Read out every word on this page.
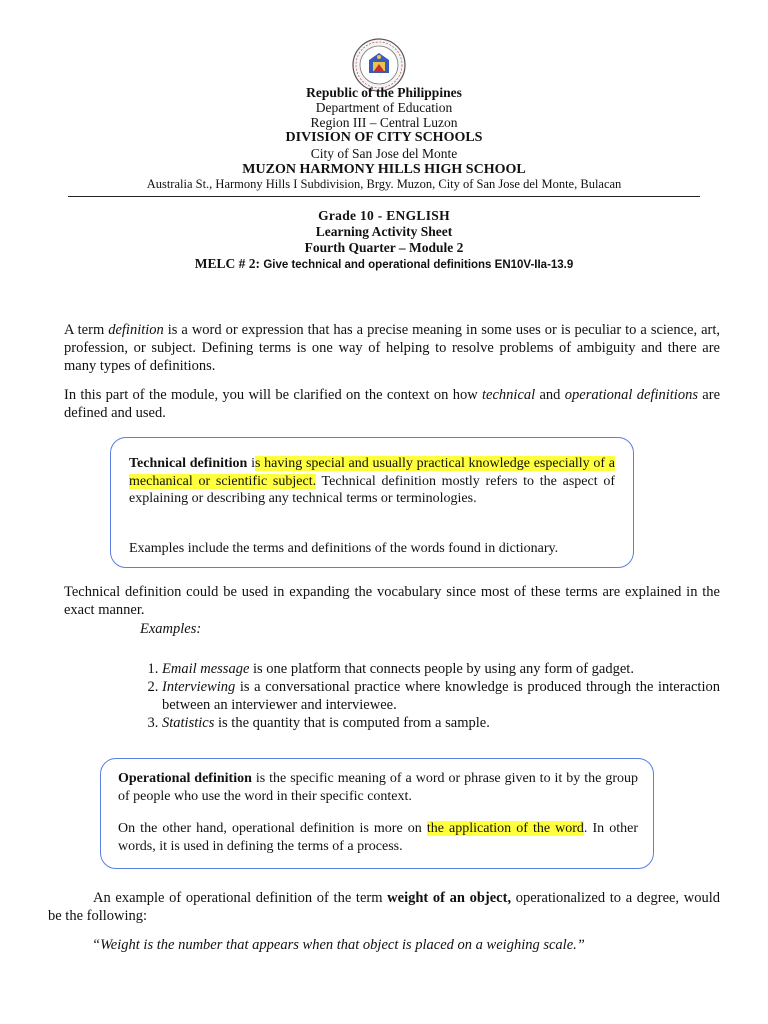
Republic of the Philippines
Department of Education
Region III – Central Luzon
DIVISION OF CITY SCHOOLS
City of San Jose del Monte
MUZON HARMONY HILLS HIGH SCHOOL
Australia St., Harmony Hills I Subdivision, Brgy. Muzon, City of San Jose del Monte, Bulacan
Grade 10 - ENGLISH
Learning Activity Sheet
Fourth Quarter – Module 2
MELC # 2: Give technical and operational definitions EN10V-IIa-13.9

A term definition is a word or expression that has a precise meaning in some uses or is peculiar to a science, art, profession, or subject. Defining terms is one way of helping to resolve problems of ambiguity and there are many types of definitions.

In this part of the module, you will be clarified on the context on how technical and operational definitions are defined and used.

Technical definition is having special and usually practical knowledge especially of a mechanical or scientific subject. Technical definition mostly refers to the aspect of explaining or describing any technical terms or terminologies.

Examples include the terms and definitions of the words found in dictionary.

Technical definition could be used in expanding the vocabulary since most of these terms are explained in the exact manner.

Examples:

1. Email message is one platform that connects people by using any form of gadget.
2. Interviewing is a conversational practice where knowledge is produced through the interaction between an interviewer and interviewee.
3. Statistics is the quantity that is computed from a sample.

Operational definition is the specific meaning of a word or phrase given to it by the group of people who use the word in their specific context.

On the other hand, operational definition is more on the application of the word. In other words, it is used in defining the terms of a process.

An example of operational definition of the term weight of an object, operationalized to a degree, would be the following:

“Weight is the number that appears when that object is placed on a weighing scale.”
